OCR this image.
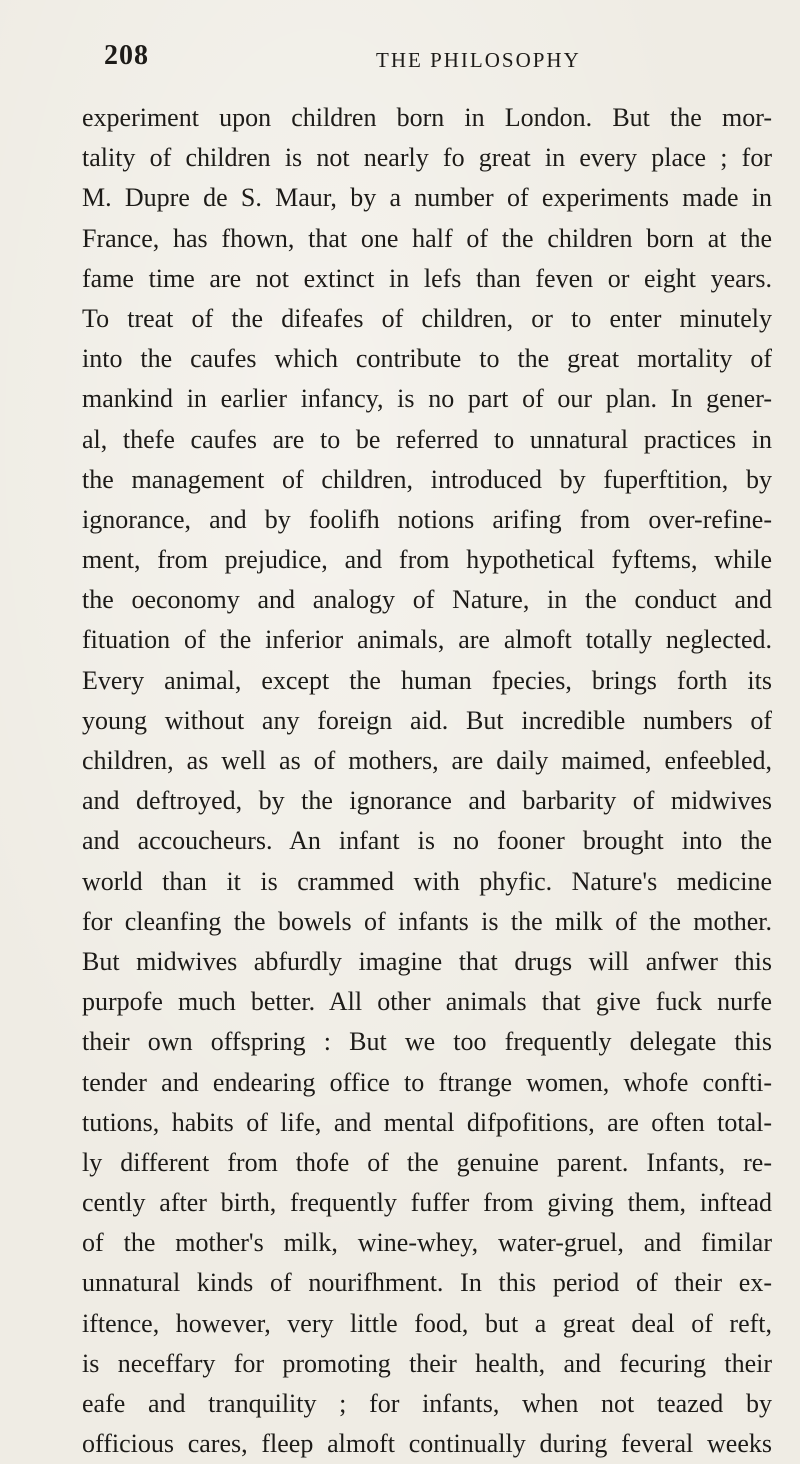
208	THE PHILOSOPHY
experiment upon children born in London. But the mor-
tality of children is not nearly fo great in every place ; for
M. Dupre de S. Maur, by a number of experiments made in
France, has fhown, that one half of the children born at the
fame time are not extinct in lefs than feven or eight years.
To treat of the difeafes of children, or to enter minutely
into the caufes which contribute to the great mortality of
mankind in earlier infancy, is no part of our plan. In gener-
al, thefe caufes are to be referred to unnatural practices in
the management of children, introduced by fuperftition, by
ignorance, and by foolifh notions arifing from over-refine-
ment, from prejudice, and from hypothetical fyftems, while
the oeconomy and analogy of Nature, in the conduct and
fituation of the inferior animals, are almoft totally neglected.
Every animal, except the human fpecies, brings forth its
young without any foreign aid. But incredible numbers of
children, as well as of mothers, are daily maimed, enfeebled,
and deftroyed, by the ignorance and barbarity of midwives
and accoucheurs. An infant is no fooner brought into the
world than it is crammed with phyfic. Nature's medicine
for cleanfing the bowels of infants is the milk of the mother.
But midwives abfurdly imagine that drugs will anfwer this
purpofe much better. All other animals that give fuck nurfe
their own offspring : But we too frequently delegate this
tender and endearing office to ftrange women, whofe confti-
tutions, habits of life, and mental difpofitions, are often total-
ly different from thofe of the genuine parent. Infants, re-
cently after birth, frequently fuffer from giving them, inftead
of the mother's milk, wine-whey, water-gruel, and fimilar
unnatural kinds of nourifhment. In this period of their ex-
iftence, however, very little food, but a great deal of reft,
is neceffary for promoting their health, and fecuring their
eafe and tranquility ; for infants, when not teazed by
officious cares, fleep almoft continually during feveral weeks
